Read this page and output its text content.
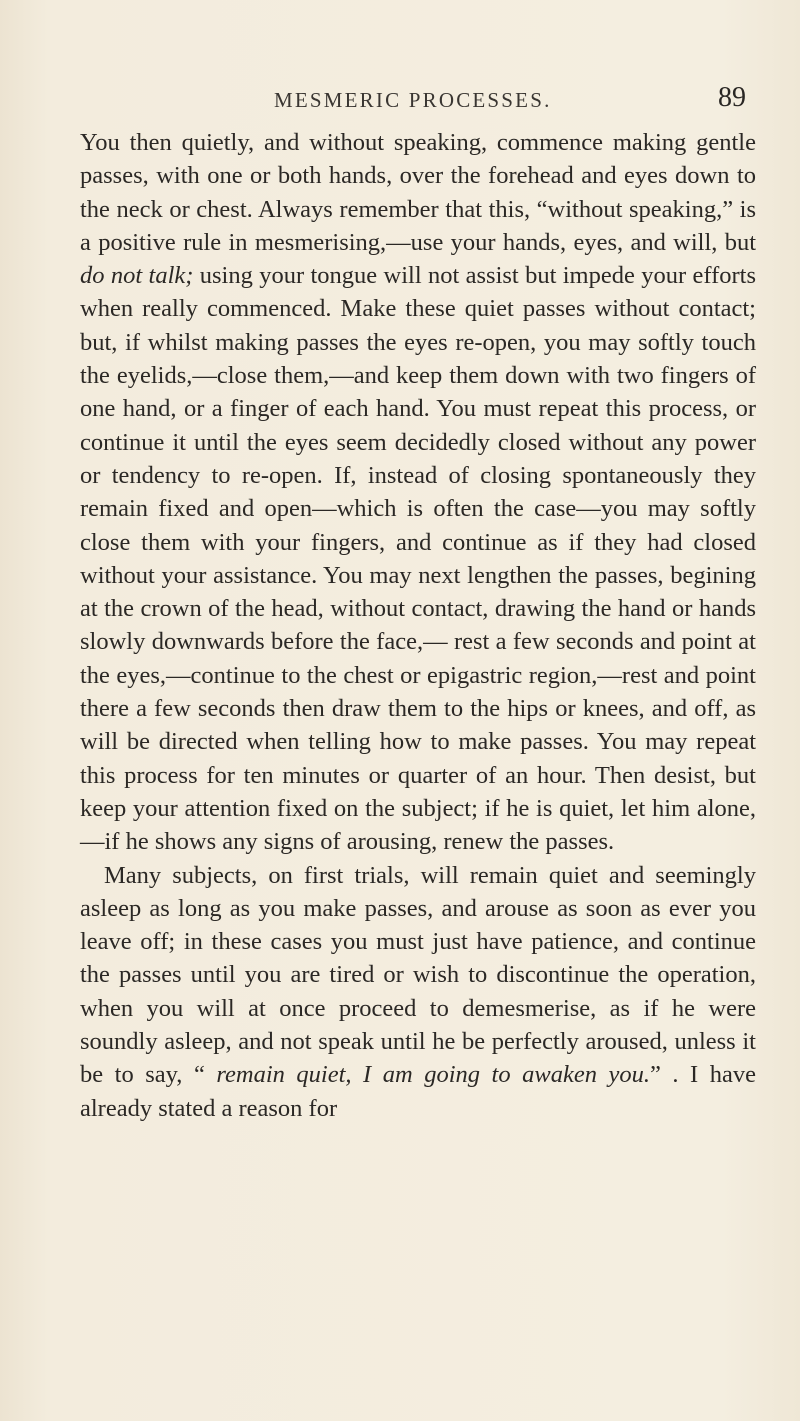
MESMERIC PROCESSES.	89

You then quietly, and without speaking, commence making gentle passes, with one or both hands, over the forehead and eyes down to the neck or chest. Always remember that this, “without speaking,” is a positive rule in mesmerising,—use your hands, eyes, and will, but do not talk; using your tongue will not assist but impede your efforts when really commenced. Make these quiet passes without contact; but, if whilst making passes the eyes re-open, you may softly touch the eyelids,—close them,—and keep them down with two fingers of one hand, or a finger of each hand. You must repeat this process, or continue it until the eyes seem decidedly closed without any power or tendency to re-open. If, instead of closing spontaneously they remain fixed and open—which is often the case—you may softly close them with your fingers, and continue as if they had closed without your assistance. You may next lengthen the passes, begining at the crown of the head, without contact, drawing the hand or hands slowly downwards before the face,— rest a few seconds and point at the eyes,—continue to the chest or epigastric region,—rest and point there a few seconds then draw them to the hips or knees, and off, as will be directed when telling how to make passes. You may repeat this process for ten minutes or quarter of an hour. Then desist, but keep your attention fixed on the subject; if he is quiet, let him alone,—if he shows any signs of arousing, renew the passes.

Many subjects, on first trials, will remain quiet and seemingly asleep as long as you make passes, and arouse as soon as ever you leave off; in these cases you must just have patience, and continue the passes until you are tired or wish to discontinue the operation, when you will at once proceed to demesmerise, as if he were soundly asleep, and not speak until he be perfectly aroused, unless it be to say, “ remain quiet, I am going to awaken you.” . I have already stated a reason for
